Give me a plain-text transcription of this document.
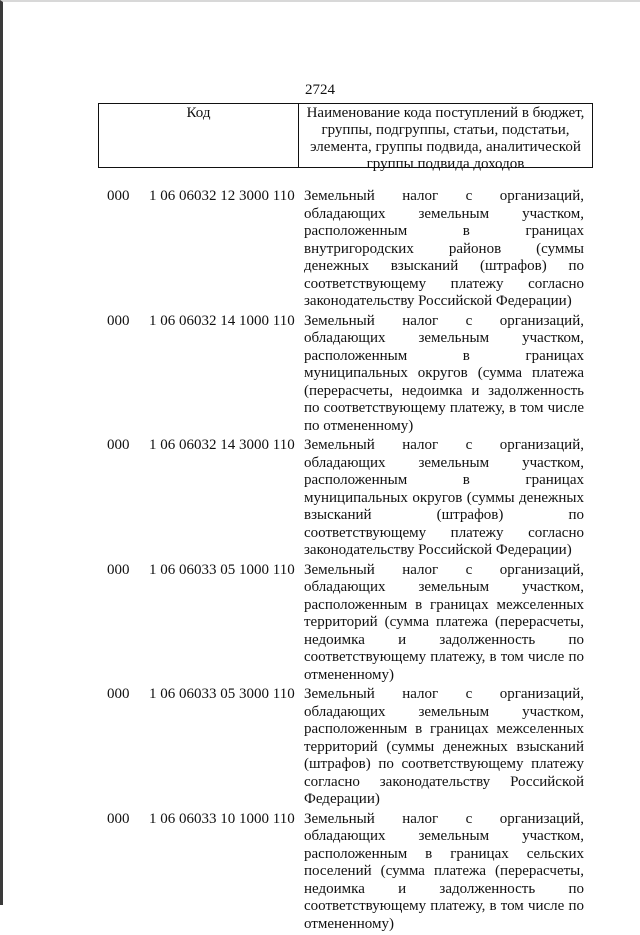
2724
Код	Наименование кода поступлений в бюджет, группы, подгруппы, статьи, подстатьи, элемента, группы подвида, аналитической группы подвида доходов
000 1 06 06032 12 3000 110 Земельный налог с организаций, обладающих земельным участком, расположенным в границах внутригородских районов (суммы денежных взысканий (штрафов) по соответствующему платежу согласно законодательству Российской Федерации)
000 1 06 06032 14 1000 110 Земельный налог с организаций, обладающих земельным участком, расположенным в границах муниципальных округов (сумма платежа (перерасчеты, недоимка и задолженность по соответствующему платежу, в том числе по отмененному)
000 1 06 06032 14 3000 110 Земельный налог с организаций, обладающих земельным участком, расположенным в границах муниципальных округов (суммы денежных взысканий (штрафов) по соответствующему платежу согласно законодательству Российской Федерации)
000 1 06 06033 05 1000 110 Земельный налог с организаций, обладающих земельным участком, расположенным в границах межселенных территорий (сумма платежа (перерасчеты, недоимка и задолженность по соответствующему платежу, в том числе по отмененному)
000 1 06 06033 05 3000 110 Земельный налог с организаций, обладающих земельным участком, расположенным в границах межселенных территорий (суммы денежных взысканий (штрафов) по соответствующему платежу согласно законодательству Российской Федерации)
000 1 06 06033 10 1000 110 Земельный налог с организаций, обладающих земельным участком, расположенным в границах сельских поселений (сумма платежа (перерасчеты, недоимка и задолженность по соответствующему платежу, в том числе по отмененному)
